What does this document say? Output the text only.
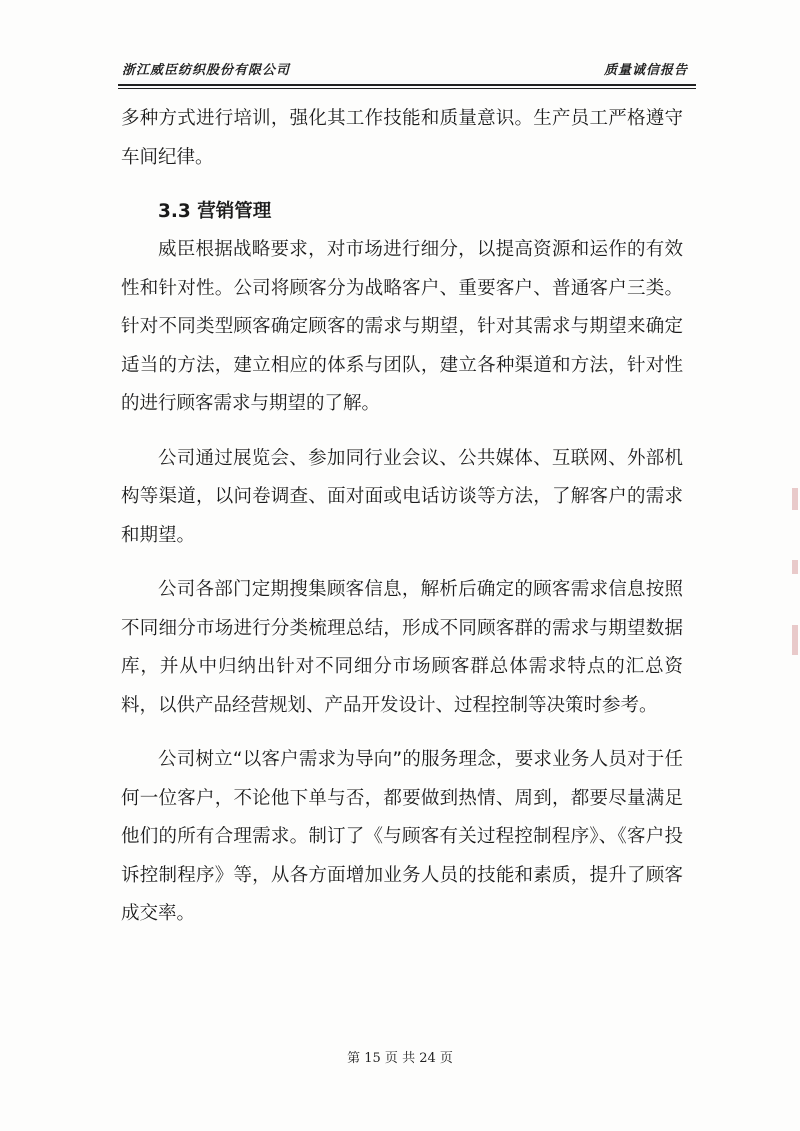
浙江威臣纺织股份有限公司	质量诚信报告

多种方式进行培训，强化其工作技能和质量意识。生产员工严格遵守车间纪律。

3.3 营销管理

威臣根据战略要求，对市场进行细分，以提高资源和运作的有效性和针对性。公司将顾客分为战略客户、重要客户、普通客户三类。针对不同类型顾客确定顾客的需求与期望，针对其需求与期望来确定适当的方法，建立相应的体系与团队，建立各种渠道和方法，针对性的进行顾客需求与期望的了解。

公司通过展览会、参加同行业会议、公共媒体、互联网、外部机构等渠道，以问卷调查、面对面或电话访谈等方法，了解客户的需求和期望。

公司各部门定期搜集顾客信息，解析后确定的顾客需求信息按照不同细分市场进行分类梳理总结，形成不同顾客群的需求与期望数据库，并从中归纳出针对不同细分市场顾客群总体需求特点的汇总资料，以供产品经营规划、产品开发设计、过程控制等决策时参考。

公司树立“以客户需求为导向”的服务理念，要求业务人员对于任何一位客户，不论他下单与否，都要做到热情、周到，都要尽量满足他们的所有合理需求。制订了《与顾客有关过程控制程序》、《客户投诉控制程序》等，从各方面增加业务人员的技能和素质，提升了顾客成交率。

第 15 页 共 24 页
